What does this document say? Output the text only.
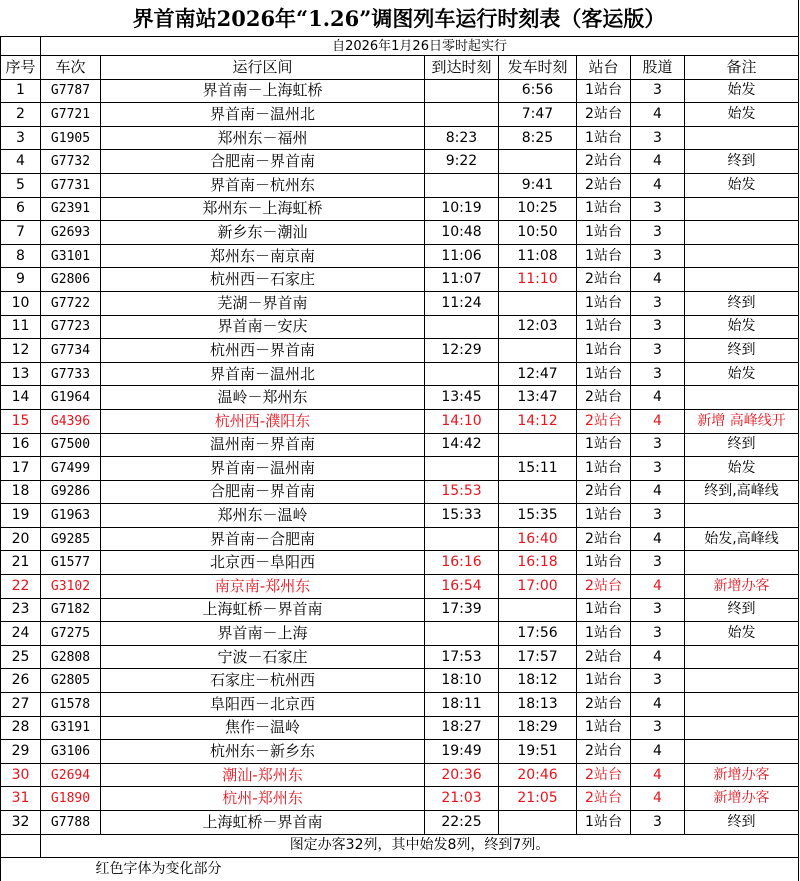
界首南站2026年“1.26”调图列车运行时刻表（客运版）
	自2026年1月26日零时起实行						
序号	车次	运行区间	到达时刻	发车时刻	站台	股道	备注
1	G7787	界首南－上海虹桥		6:56	1站台	3	始发
2	G7721	界首南－温州北		7:47	2站台	4	始发
3	G1905	郑州东－福州	8:23	8:25	1站台	3	
4	G7732	合肥南－界首南	9:22		2站台	4	终到
5	G7731	界首南－杭州东		9:41	2站台	4	始发
6	G2391	郑州东－上海虹桥	10:19	10:25	1站台	3	
7	G2693	新乡东－潮汕	10:48	10:50	1站台	3	
8	G3101	郑州东－南京南	11:06	11:08	1站台	3	
9	G2806	杭州西－石家庄	11:07	11:10	2站台	4	
10	G7722	芜湖－界首南	11:24		1站台	3	终到
11	G7723	界首南－安庆		12:03	1站台	3	始发
12	G7734	杭州西－界首南	12:29		1站台	3	终到
13	G7733	界首南－温州北		12:47	1站台	3	始发
14	G1964	温岭－郑州东	13:45	13:47	2站台	4	
15	G4396	杭州西-濮阳东	14:10	14:12	2站台	4	新增 高峰线开
16	G7500	温州南－界首南	14:42		1站台	3	终到
17	G7499	界首南－温州南		15:11	1站台	3	始发
18	G9286	合肥南－界首南	15:53		2站台	4	终到,高峰线
19	G1963	郑州东－温岭	15:33	15:35	1站台	3	
20	G9285	界首南－合肥南		16:40	2站台	4	始发,高峰线
21	G1577	北京西－阜阳西	16:16	16:18	1站台	3	
22	G3102	南京南-郑州东	16:54	17:00	2站台	4	新增办客
23	G7182	上海虹桥－界首南	17:39		1站台	3	终到
24	G7275	界首南－上海		17:56	1站台	3	始发
25	G2808	宁波－石家庄	17:53	17:57	2站台	4	
26	G2805	石家庄－杭州西	18:10	18:12	1站台	3	
27	G1578	阜阳西－北京西	18:11	18:13	2站台	4	
28	G3191	焦作－温岭	18:27	18:29	1站台	3	
29	G3106	杭州东－新乡东	19:49	19:51	2站台	4	
30	G2694	潮汕-郑州东	20:36	20:46	2站台	4	新增办客
31	G1890	杭州-郑州东	21:03	21:05	2站台	4	新增办客
32	G7788	上海虹桥－界首南	22:25		1站台	3	终到
	图定办客32列，其中始发8列，终到7列。						
	红色字体为变化部分						
